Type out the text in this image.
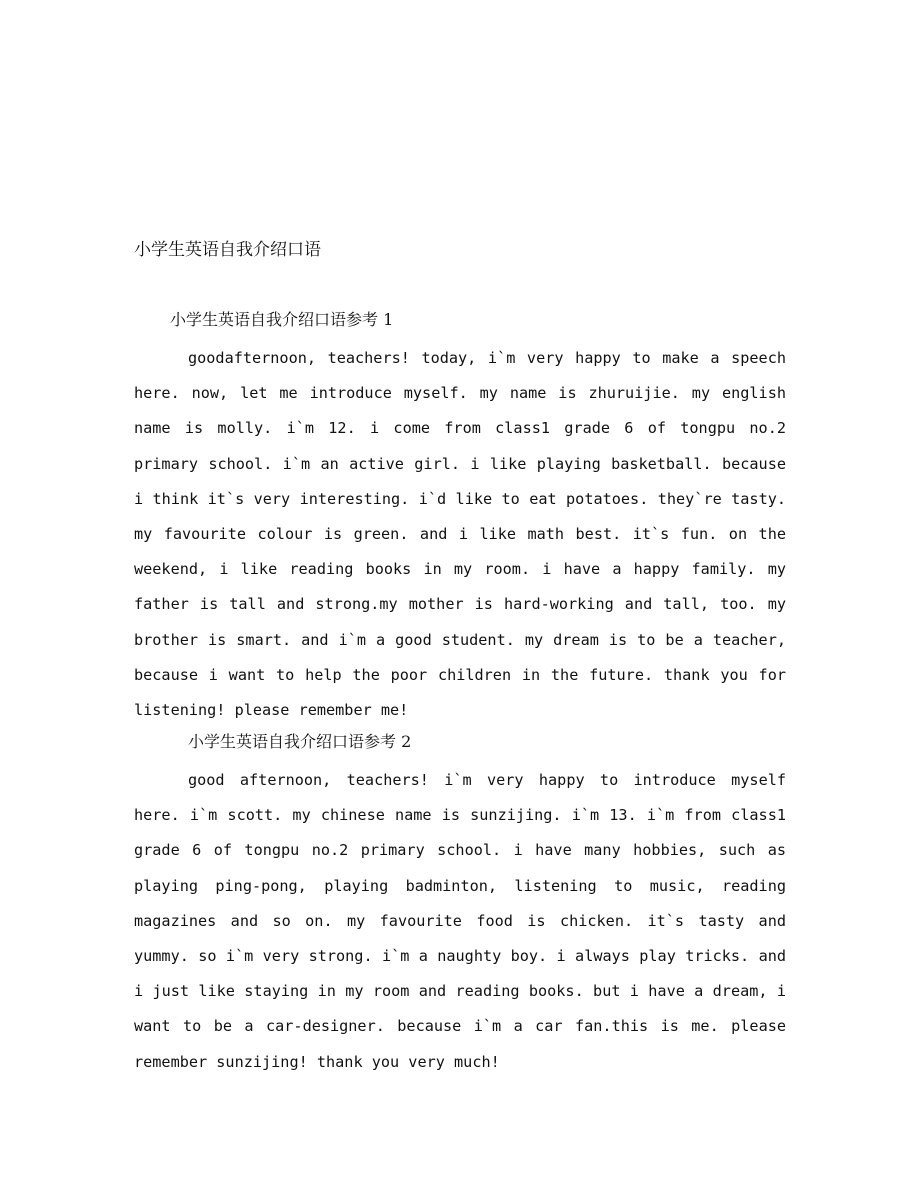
小学生英语自我介绍口语
小学生英语自我介绍口语参考 1
goodafternoon, teachers! today, i`m very happy to make a speech here. now, let me introduce myself. my name is zhuruijie. my english name is molly. i`m 12. i come from class1 grade 6 of tongpu no.2 primary school. i`m an active girl. i like playing basketball. because i think it`s very interesting. i`d like to eat potatoes. they`re tasty. my favourite colour is green. and i like math best. it`s fun. on the weekend, i like reading books in my room. i have a happy family. my father is tall and strong.my mother is hard-working and tall, too. my brother is smart. and i`m a good student. my dream is to be a teacher, because i want to help the poor children in the future. thank you for listening! please remember me!
小学生英语自我介绍口语参考 2
good afternoon, teachers! i`m very happy to introduce myself here. i`m scott. my chinese name is sunzijing. i`m 13. i`m from class1 grade 6 of tongpu no.2 primary school. i have many hobbies, such as playing ping-pong, playing badminton, listening to music, reading magazines and so on. my favourite food is chicken. it`s tasty and yummy. so i`m very strong. i`m a naughty boy. i always play tricks. and i just like staying in my room and reading books. but i have a dream, i want to be a car-designer. because i`m a car fan.this is me. please remember sunzijing! thank you very much!
